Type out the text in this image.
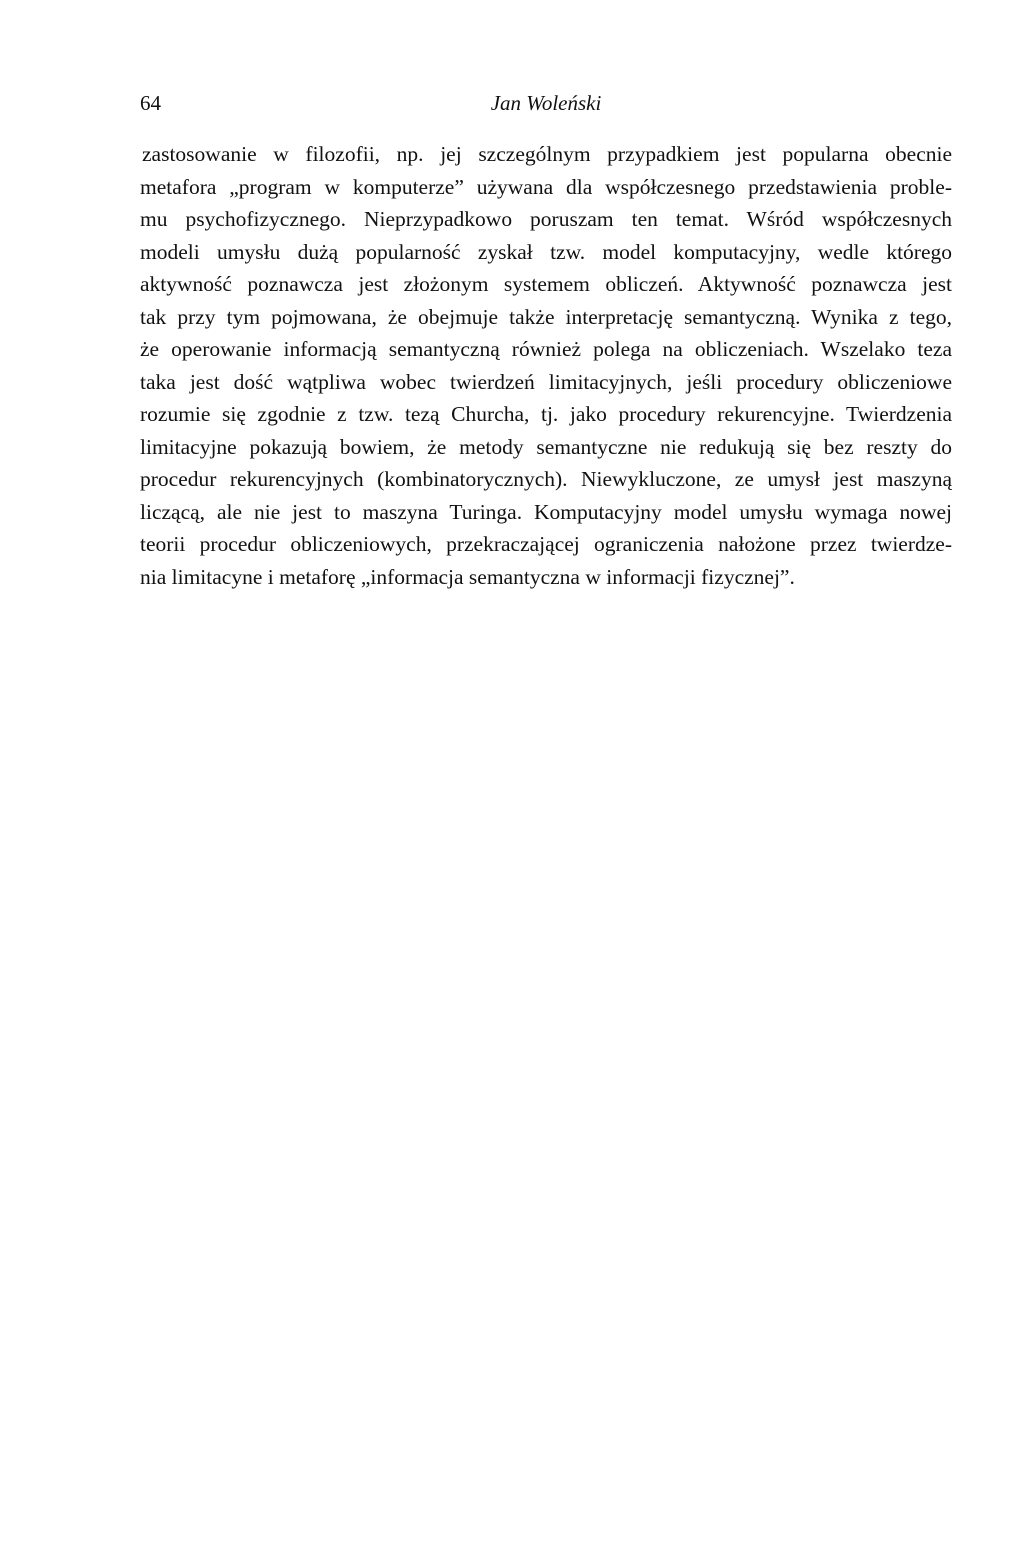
64	Jan Woleński
zastosowanie w filozofii, np. jej szczególnym przypadkiem jest popularna obecnie
metafora „program w komputerze” używana dla współczesnego przedstawienia proble-
mu psychofizycznego. Nieprzypadkowo poruszam ten temat. Wśród współczesnych
modeli umysłu dużą popularność zyskał tzw. model komputacyjny, wedle którego
aktywność poznawcza jest złożonym systemem obliczeń. Aktywność poznawcza jest
tak przy tym pojmowana, że obejmuje także interpretację semantyczną. Wynika z tego,
że operowanie informacją semantyczną również polega na obliczeniach. Wszelako teza
taka jest dość wątpliwa wobec twierdzeń limitacyjnych, jeśli procedury obliczeniowe
rozumie się zgodnie z tzw. tezą Churcha, tj. jako procedury rekurencyjne. Twierdzenia
limitacyjne pokazują bowiem, że metody semantyczne nie redukują się bez reszty do
procedur rekurencyjnych (kombinatorycznych). Niewykluczone, ze umysł jest maszyną
liczącą, ale nie jest to maszyna Turinga. Komputacyjny model umysłu wymaga nowej
teorii procedur obliczeniowych, przekraczającej ograniczenia nałożone przez twierdze-
nia limitacyne i metaforę „informacja semantyczna w informacji fizycznej”.
